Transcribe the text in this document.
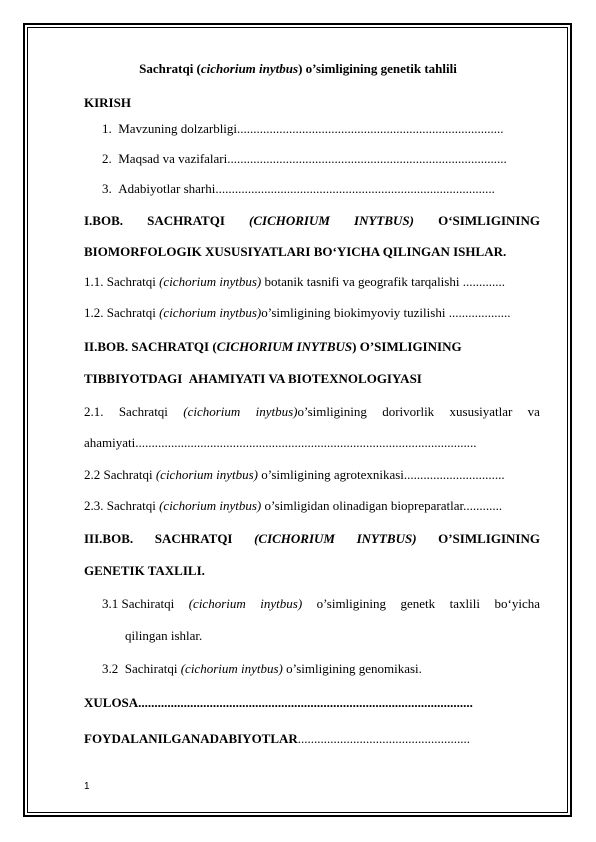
Sachratqi (cichorium inytbus) o’simligining genetik tahlili
KIRISH
1.  Mavzuning dolzarbligi..................................................................................
2.  Maqsad va vazifalari......................................................................................
3.  Adabiyotlar sharhi......................................................................................
I.BOB. SACHRATQI (CICHORIUM INYTBUS) O‘SIMLIGINING
BIOMORFOLOGIK XUSUSIYATLARI BO‘YICHA QILINGAN ISHLAR.
1.1. Sachratqi (cichorium inytbus) botanik tasnifi va geografik tarqalishi .............
1.2. Sachratqi (cichorium inytbus)o’simligining biokimyoviy tuzilishi ...................
II.BOB. SACHRATQI (CICHORIUM INYTBUS) O’SIMLIGINING
TIBBIYOTDAGI  AHAMIYATI VA BIOTEXNOLOGIYASI
2.1. Sachratqi (cichorium inytbus)o’simligining dorivorlik xususiyatlar va
ahamiyati.........................................................................................................
2.2 Sachratqi (cichorium inytbus) o’simligining agrotexnikasi...............................
2.3. Sachratqi (cichorium inytbus) o’simligidan olinadigan biopreparatlar............
III.BOB. SACHRATQI (CICHORIUM INYTBUS) O’SIMLIGINING
GENETIK TAXLILI.
3.1 Sachiratqi (cichorium inytbus) o’simligining genetk taxlili bo‘yicha
qilingan ishlar.
3.2  Sachiratqi (cichorium inytbus) o’simligining genomikasi.
XULOSA.......................................................................................................
FOYDALANILGANADABIYOTLAR.....................................................
1
